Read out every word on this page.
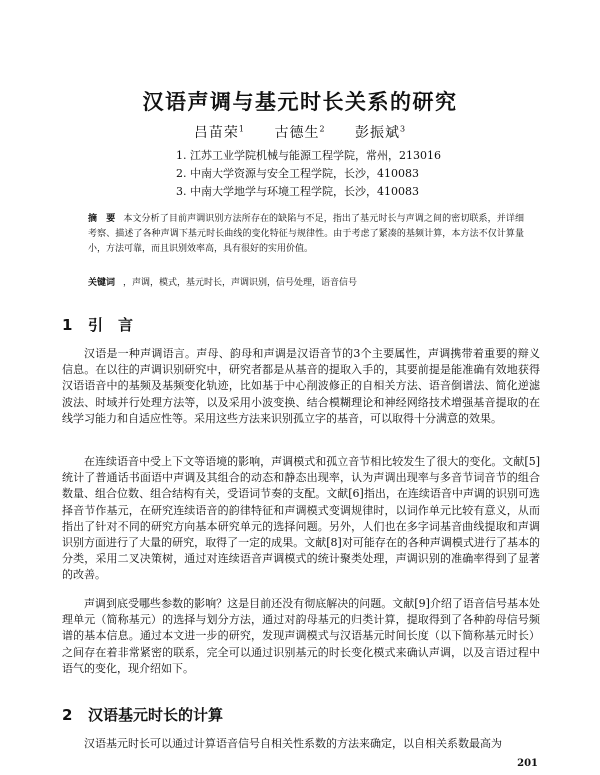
汉语声调与基元时长关系的研究
吕苗荣$^1$ 古德生$^2$ 彭振斌$^3$
1. 江苏工业学院机械与能源工程学院，常州，213016
2. 中南大学资源与安全工程学院，长沙，410083
3. 中南大学地学与环境工程学院，长沙，410083
摘　要 本文分析了目前声调识别方法所存在的缺陷与不足，指出了基元时长与声调之间的密切联系，并详细考察、描述了各种声调下基元时长曲线的变化特征与规律性。由于考虑了紧凑的基频计算，本方法不仅计算量小，方法可靠，而且识别效率高，具有很好的实用价值。
关键词 ，声调，模式，基元时长，声调识别，信号处理，语音信号
1 引　言

汉语是一种声调语言。声母、韵母和声调是汉语音节的3个主要属性，声调携带着重要的辩义信息。在以往的声调识别研究中，研究者都是从基音的提取入手的，其要前提是能准确有效地获得汉语语音中的基频及基频变化轨迹，比如基于中心削波修正的自相关方法、语音倒谱法、简化逆滤波法、时域并行处理方法等，以及采用小波变换、结合模糊理论和神经网络技术增强基音提取的在线学习能力和自适应性等。采用这些方法来识别孤立字的基音，可以取得十分满意的效果。

在连续语音中受上下文等语境的影响，声调模式和孤立音节相比较发生了很大的变化。文献[5]统计了普通话书面语中声调及其组合的动态和静态出现率，认为声调出现率与多音节词音节的组合数量、组合位数、组合结构有关，受语词节奏的支配。文献[6]指出，在连续语音中声调的识别可选择音节作基元，在研究连续语音的韵律特征和声调模式变调规律时，以词作单元比较有意义，从而指出了针对不同的研究方向基本研究单元的选择问题。另外，人们也在多字词基音曲线提取和声调识别方面进行了大量的研究，取得了一定的成果。文献[8]对可能存在的各种声调模式进行了基本的分类，采用二叉决策树，通过对连续语音声调模式的统计聚类处理，声调识别的准确率得到了显著的改善。

声调到底受哪些参数的影响？这是目前还没有彻底解决的问题。文献[9]介绍了语音信号基本处理单元（简称基元）的选择与划分方法，通过对韵母基元的归类计算，提取得到了各种韵母信号频谱的基本信息。通过本文进一步的研究，发现声调模式与汉语基元时间长度（以下简称基元时长）之间存在着非常紧密的联系，完全可以通过识别基元的时长变化模式来确认声调，以及言语过程中语气的变化，现介绍如下。

2 汉语基元时长的计算

汉语基元时长可以通过计算语音信号自相关性系数的方法来确定，以自相关系数最高为

201
